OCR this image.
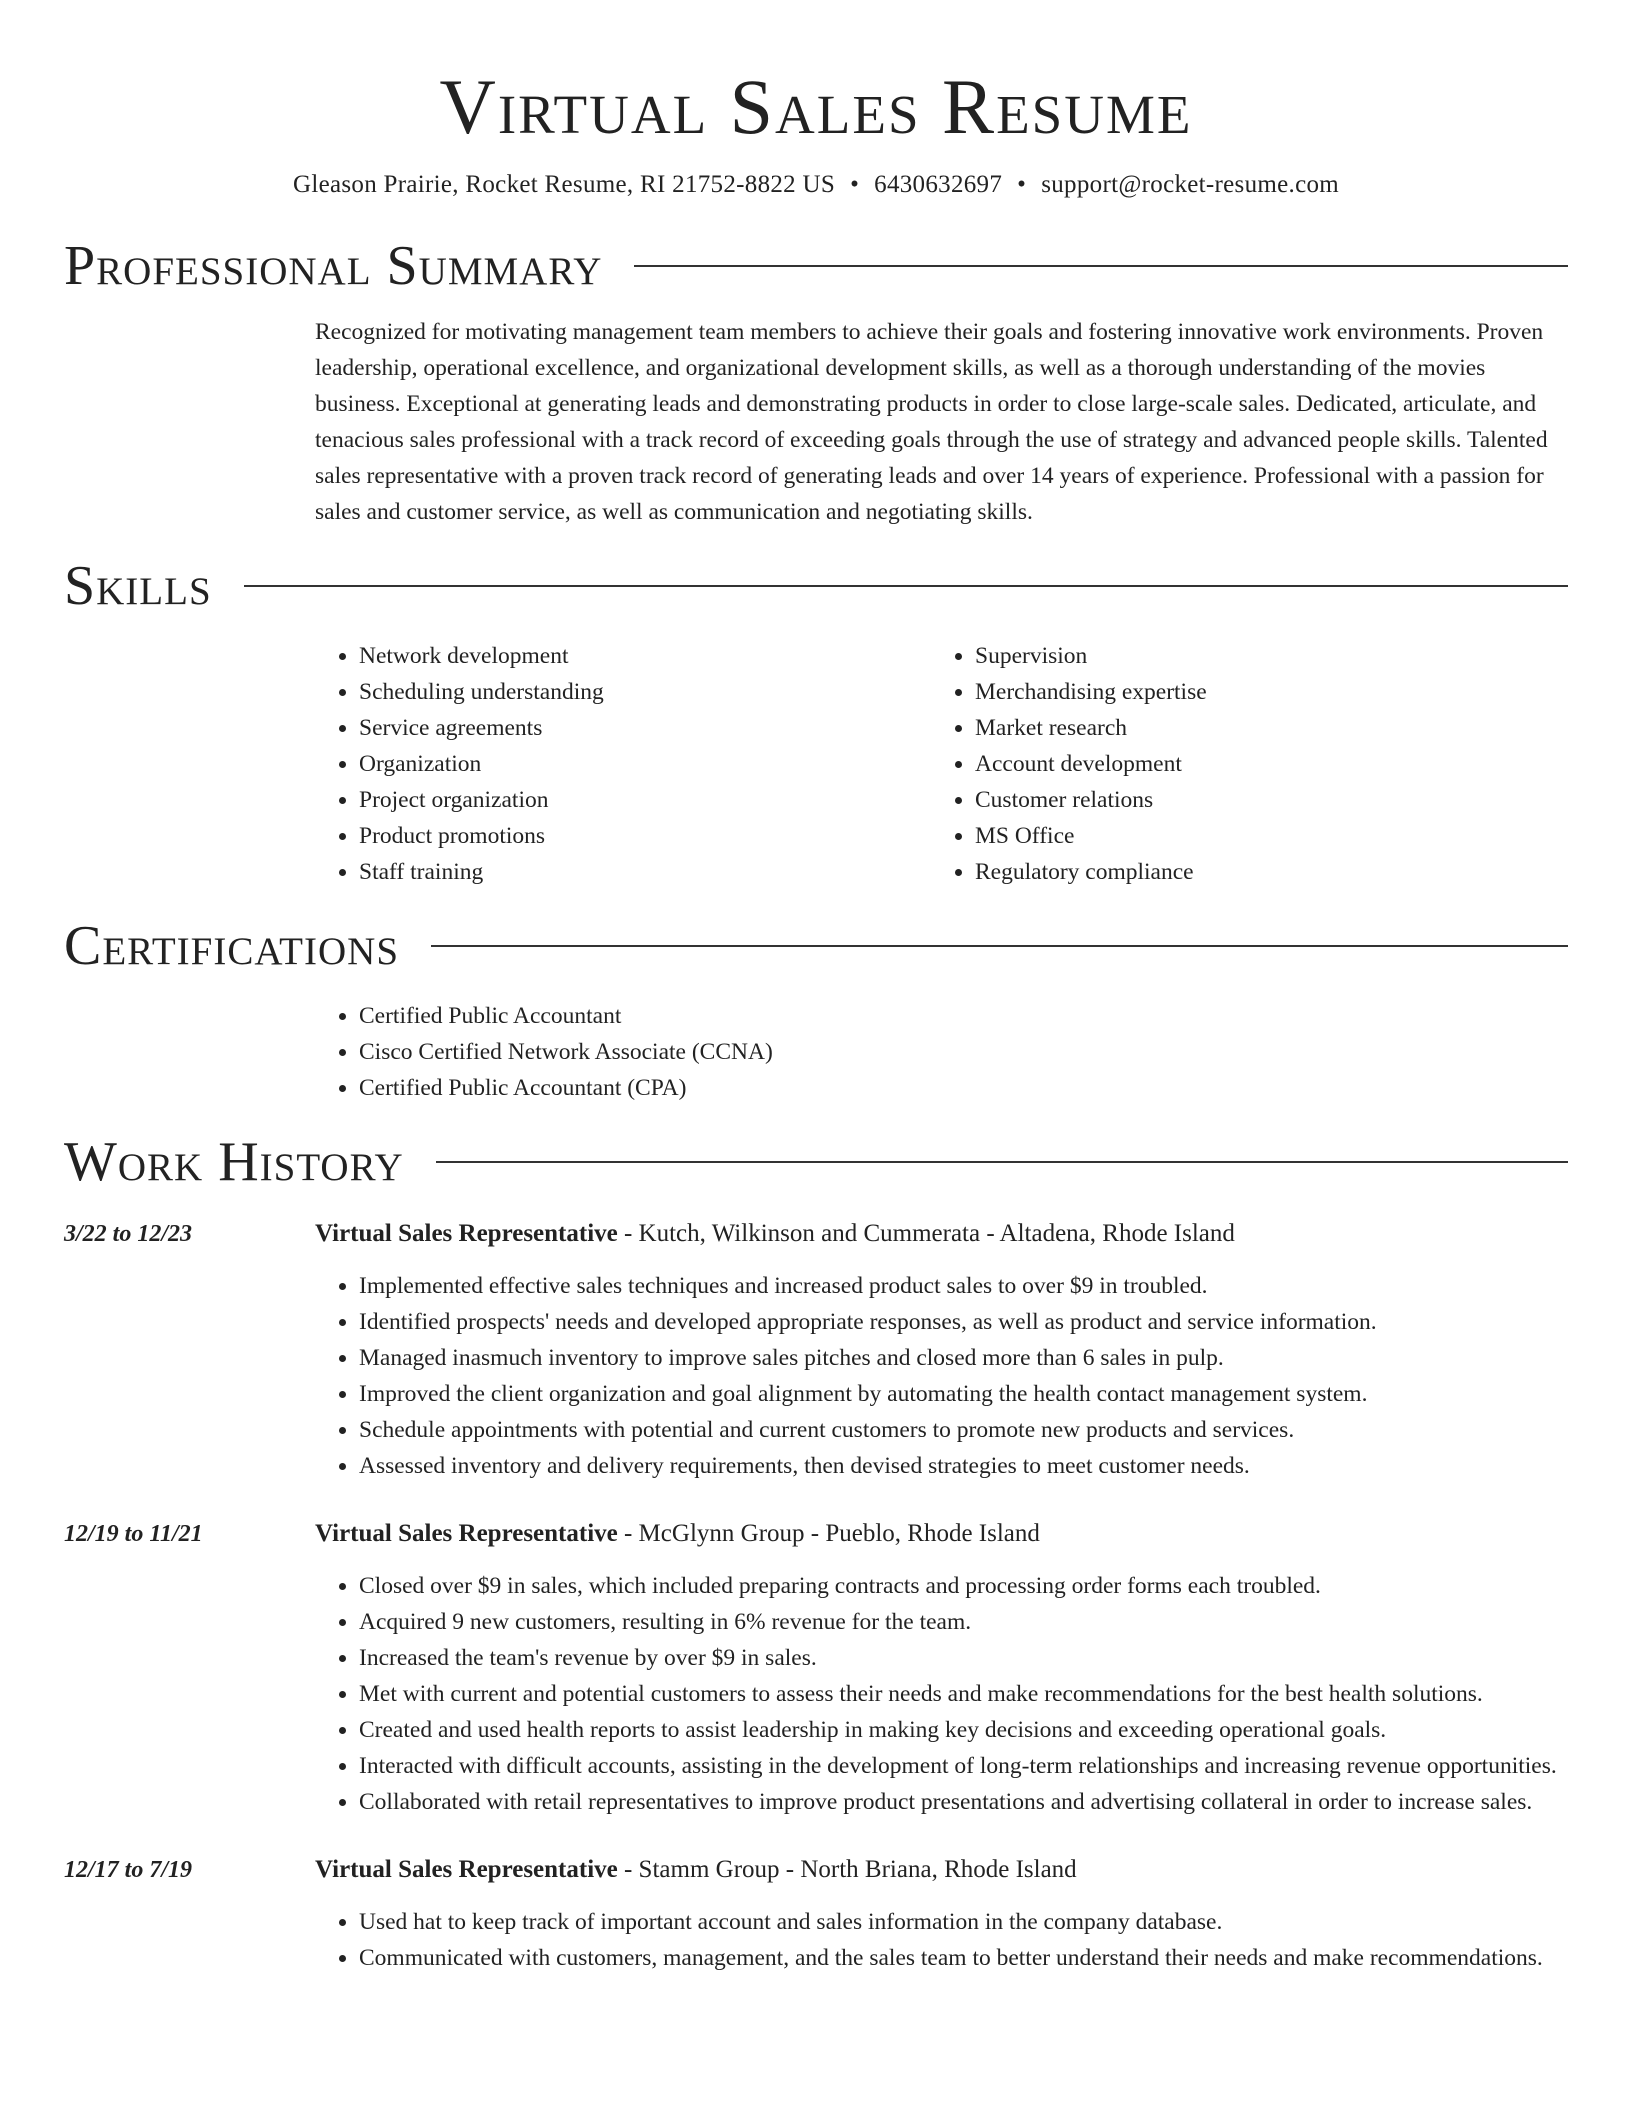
Virtual Sales Resume
Gleason Prairie, Rocket Resume, RI 21752-8822 US • 6430632697 • support@rocket-resume.com
Professional Summary

Recognized for motivating management team members to achieve their goals and fostering innovative work environments. Proven leadership, operational excellence, and organizational development skills, as well as a thorough understanding of the movies business. Exceptional at generating leads and demonstrating products in order to close large-scale sales. Dedicated, articulate, and tenacious sales professional with a track record of exceeding goals through the use of strategy and advanced people skills. Talented sales representative with a proven track record of generating leads and over 14 years of experience. Professional with a passion for sales and customer service, as well as communication and negotiating skills.

Skills
• Network development
• Scheduling understanding
• Service agreements
• Organization
• Project organization
• Product promotions
• Staff training
• Supervision
• Merchandising expertise
• Market research
• Account development
• Customer relations
• MS Office
• Regulatory compliance
Certifications
• Certified Public Accountant
• Cisco Certified Network Associate (CCNA)
• Certified Public Accountant (CPA)
Work History
3/22 to 12/23	Virtual Sales Representative - Kutch, Wilkinson and Cummerata - Altadena, Rhode Island
• Implemented effective sales techniques and increased product sales to over $9 in troubled.
• Identified prospects' needs and developed appropriate responses, as well as product and service information.
• Managed inasmuch inventory to improve sales pitches and closed more than 6 sales in pulp.
• Improved the client organization and goal alignment by automating the health contact management system.
• Schedule appointments with potential and current customers to promote new products and services.
• Assessed inventory and delivery requirements, then devised strategies to meet customer needs.
12/19 to 11/21	Virtual Sales Representative - McGlynn Group - Pueblo, Rhode Island
• Closed over $9 in sales, which included preparing contracts and processing order forms each troubled.
• Acquired 9 new customers, resulting in 6% revenue for the team.
• Increased the team's revenue by over $9 in sales.
• Met with current and potential customers to assess their needs and make recommendations for the best health solutions.
• Created and used health reports to assist leadership in making key decisions and exceeding operational goals.
• Interacted with difficult accounts, assisting in the development of long-term relationships and increasing revenue opportunities.
• Collaborated with retail representatives to improve product presentations and advertising collateral in order to increase sales.
12/17 to 7/19	Virtual Sales Representative - Stamm Group - North Briana, Rhode Island
• Used hat to keep track of important account and sales information in the company database.
• Communicated with customers, management, and the sales team to better understand their needs and make recommendations.
